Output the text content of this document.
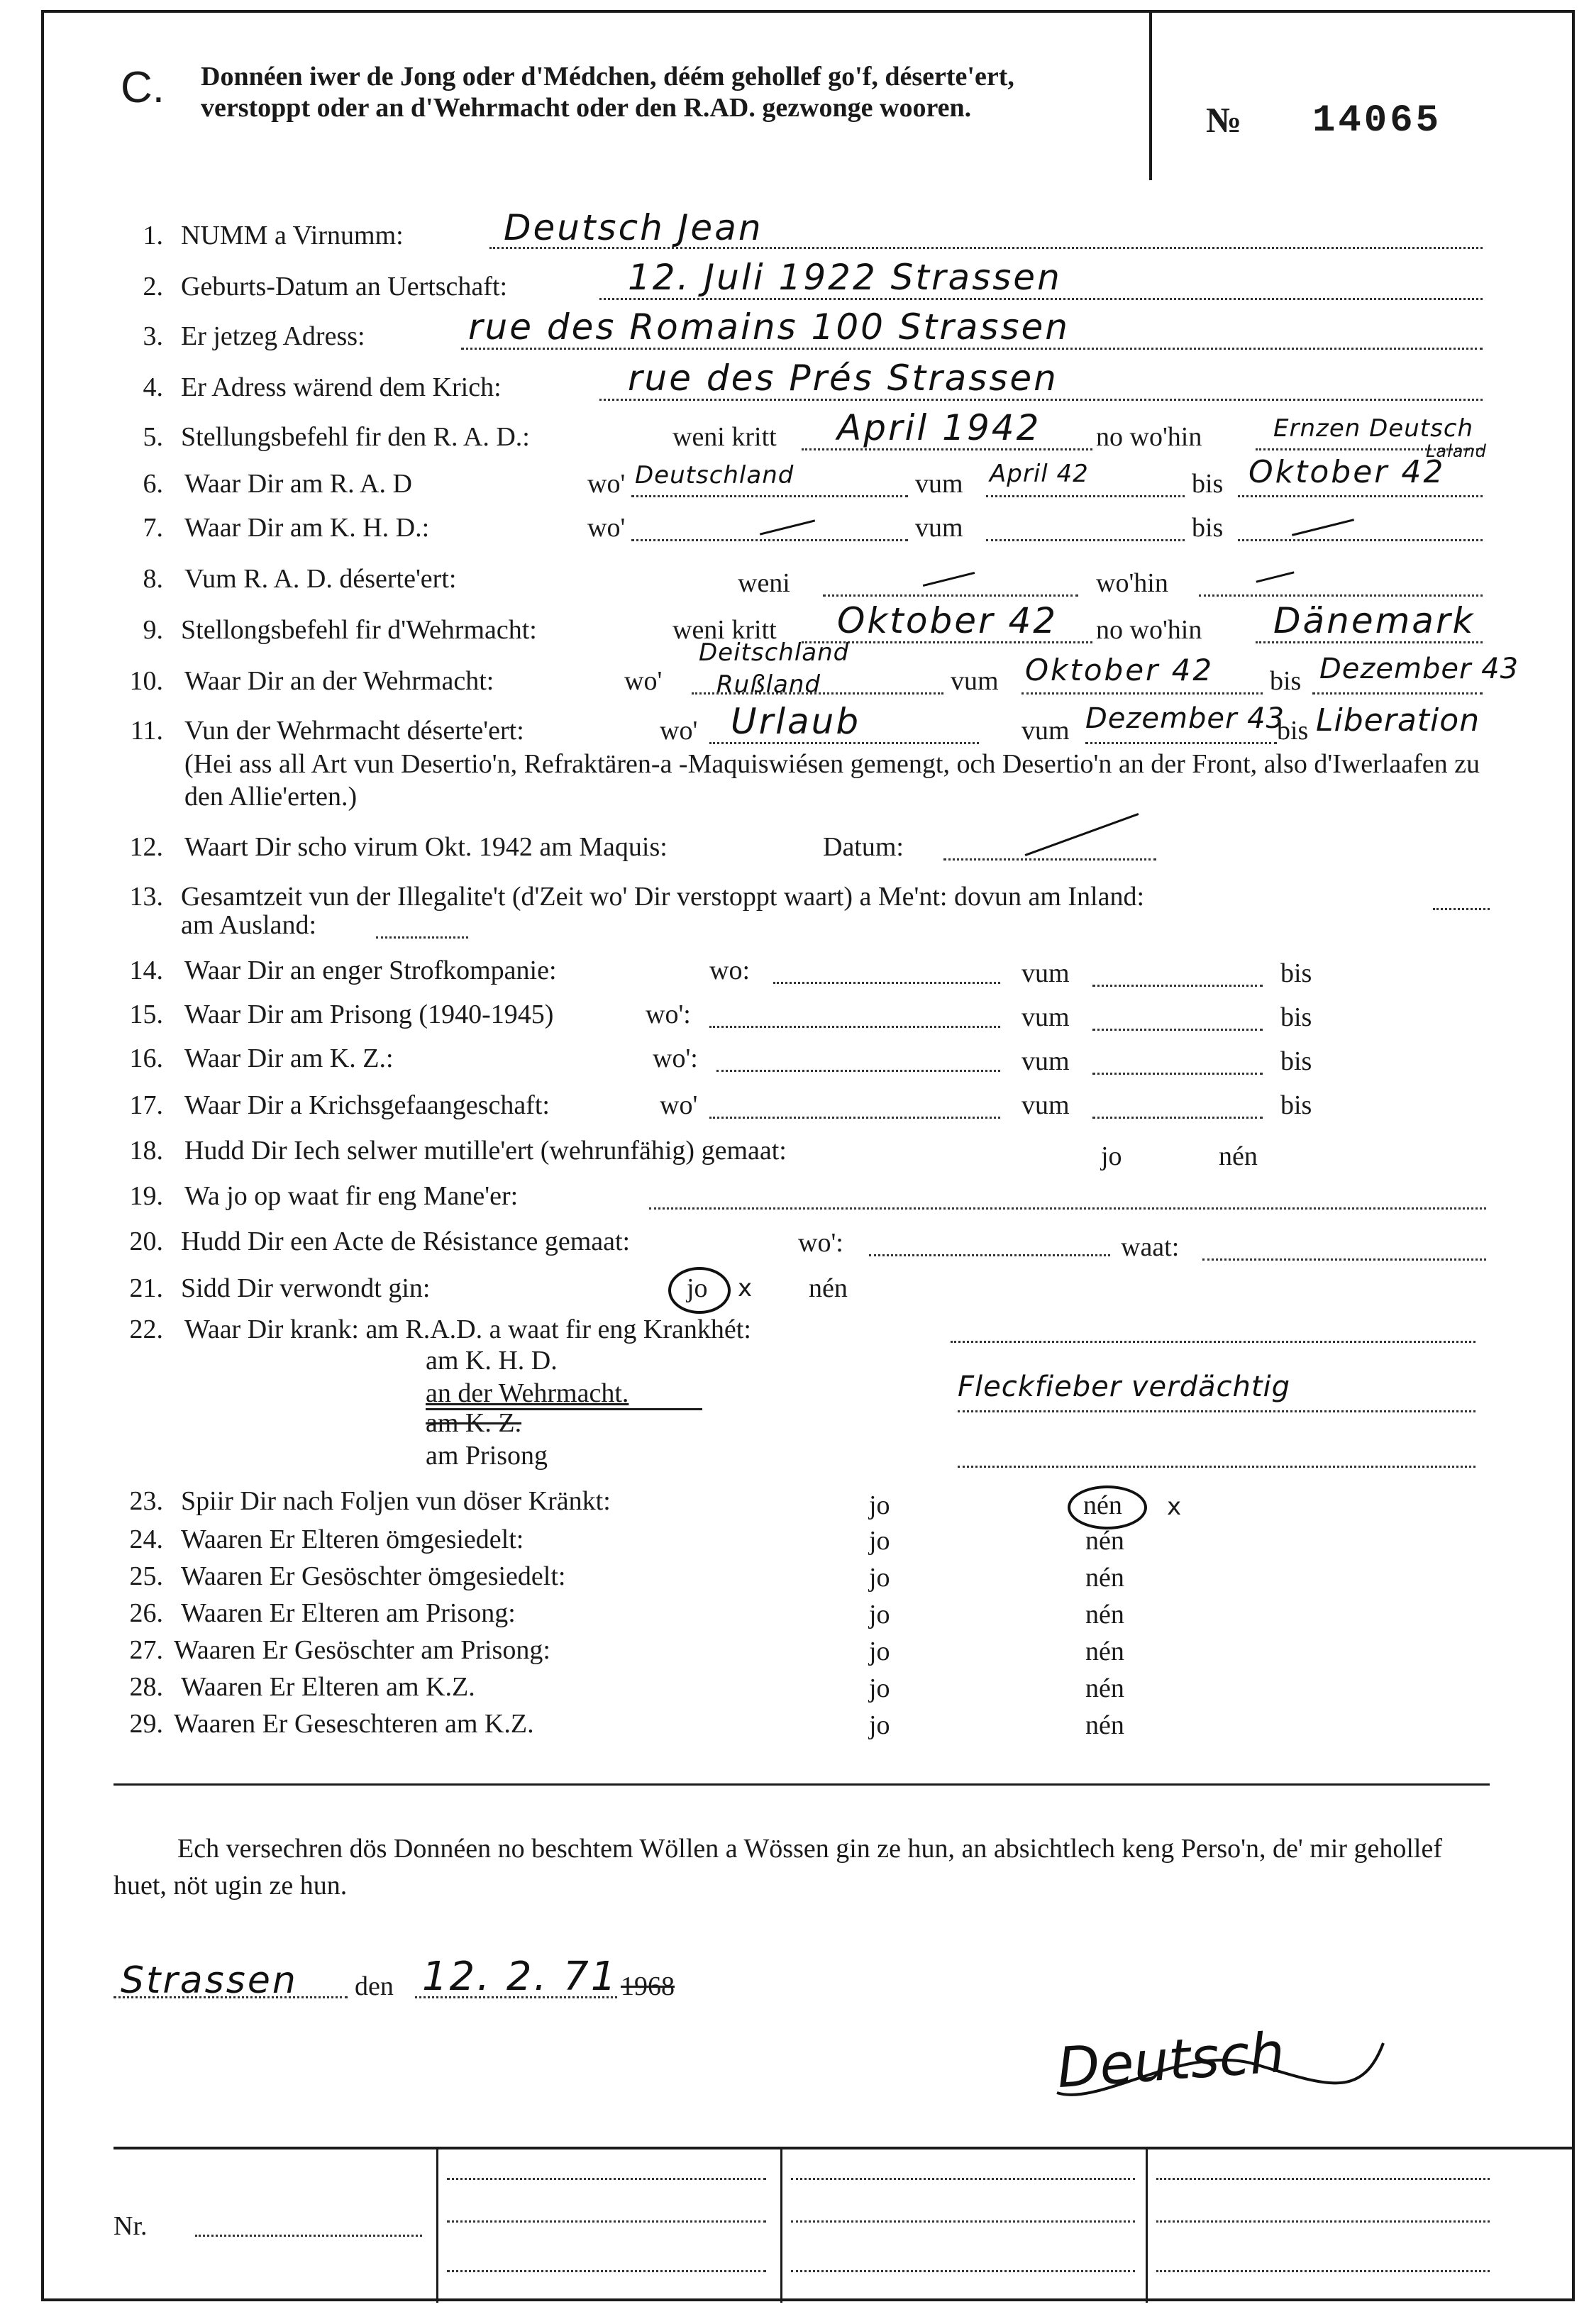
C. Donnéen iwer de Jong oder d'Médchen, déém gehollef go'f, déserte'ert, verstoppt oder an d'Wehrmacht oder den R.AD. gezwonge wooren.	№ 14065
1. NUMM a Virnumm:	Deutsch Jean
2. Geburts-Datum an Uertschaft:	12. Juli 1922 Strassen
3. Er jetzeg Adress:	rue des Romains 100 Strassen
4. Er Adress wärend dem Krich:	rue des Prés Strassen
5. Stellungsbefehl fir den R. A. D.:	weni kritt April 1942 no wo'hin	Ernzen Deutsch
Laland
6. Waar Dir am R. A. D	wo' Deutschland	vum April 42	bis Oktober 42
7. Waar Dir am K. H. D.:	wo'	vum	bis
8. Vum R. A. D. déserte'ert:	weni	wo'hin
9. Stellongsbefehl fir d'Wehrmacht:	weni kritt Oktober 42 no wo'hin Dänemark
10. Waar Dir an der Wehrmacht:	wo'
Deitschland
Rußland	vum Oktober 42 bis Dezember 43
11. Vun der Wehrmacht déserte'ert:	wo' Urlaub	vum Dezember 43
bis Liberation
(Hei ass all Art vun Desertio'n, Refraktären-a -Maquiswiésen gemengt, och Desertio'n an der Front, also d'Iwerlaafen zu den Allie'erten.)
12. Waart Dir scho virum Okt. 1942 am Maquis:	Datum:
13. Gesamtzeit vun der Illegalite't (d'Zeit wo' Dir verstoppt waart) a Me'nt: dovun am Inland:
am Ausland:
14. Waar Dir an enger Strofkompanie:	wo:	vum	bis
15. Waar Dir am Prisong (1940-1945)	wo':	vum	bis
16. Waar Dir am K. Z.:	wo':	vum	bis
17. Waar Dir a Krichsgefaangeschaft:	wo'	vum	bis
18. Hudd Dir Iech selwer mutille'ert (wehrunfähig) gemaat:	jo	nén
19. Wa jo op waat fir eng Mane'er:
20. Hudd Dir een Acte de Résistance gemaat:	wo':	waat:
21. Sidd Dir verwondt gin:	jo x nén
22. Waar Dir krank: am R.A.D. a waat fir eng Krankhét:
am K. H. D.
an der Wehrmacht.
am K. Z.
am Prisong
Fleckfieber verdächtig
23. Spiir Dir nach Foljen vun döser Kränkt:	jo	nén x
24. Waaren Er Elteren ömgesiedelt:	jo	nén
25. Waaren Er Gesöschter ömgesiedelt:	jo	nén
26. Waaren Er Elteren am Prisong:	jo	nén
27. Waaren Er Gesöschter am Prisong:	jo	nén
28. Waaren Er Elteren am K.Z.	jo	nén
29. Waaren Er Geseschteren am K.Z.	jo	nén
Ech versechren dös Donnéen no beschtem Wöllen a Wössen gin ze hun, an absichtlech keng Perso'n, de' mir gehollef huet, nöt ugin ze hun.
Strassen den 12. 2. 71 1968
Deutsch
Nr.
